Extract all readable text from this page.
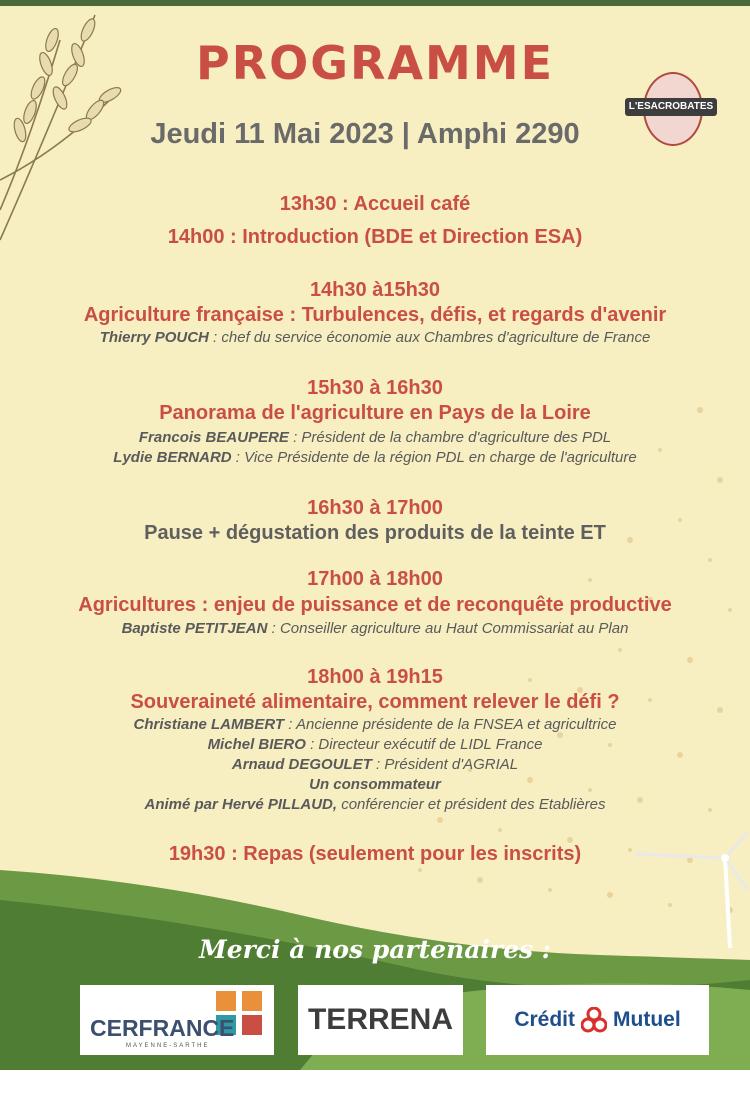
PROGRAMME
L'ESACROBATES
Jeudi 11 Mai 2023 | Amphi 2290
13h30 : Accueil café
14h00 : Introduction (BDE et Direction ESA)
14h30 à15h30
Agriculture française : Turbulences, défis, et regards d'avenir
Thierry POUCH : chef du service économie aux Chambres d'agriculture de France
15h30 à 16h30
Panorama de l'agriculture en Pays de la Loire
Francois BEAUPERE : Président de la chambre d'agriculture des PDL
Lydie BERNARD : Vice Présidente de la région PDL en charge de l'agriculture
16h30 à 17h00
Pause + dégustation des produits de la teinte ET
17h00 à 18h00
Agricultures : enjeu de puissance et de reconquête productive
Baptiste PETITJEAN : Conseiller agriculture au Haut Commissariat au Plan
18h00 à 19h15
Souveraineté alimentaire, comment relever le défi ?
Christiane LAMBERT : Ancienne présidente de la FNSEA et agricultrice
Michel BIERO : Directeur exécutif de LIDL France
Arnaud DEGOULET : Président d'AGRIAL
Un consommateur
Animé par Hervé PILLAUD, conférencier et président des Etablières
19h30 : Repas (seulement pour les inscrits)
Merci à nos partenaires :
CERFRANCE
MAYENNE-SARTHE
TERRENA	Crédit Mutuel
